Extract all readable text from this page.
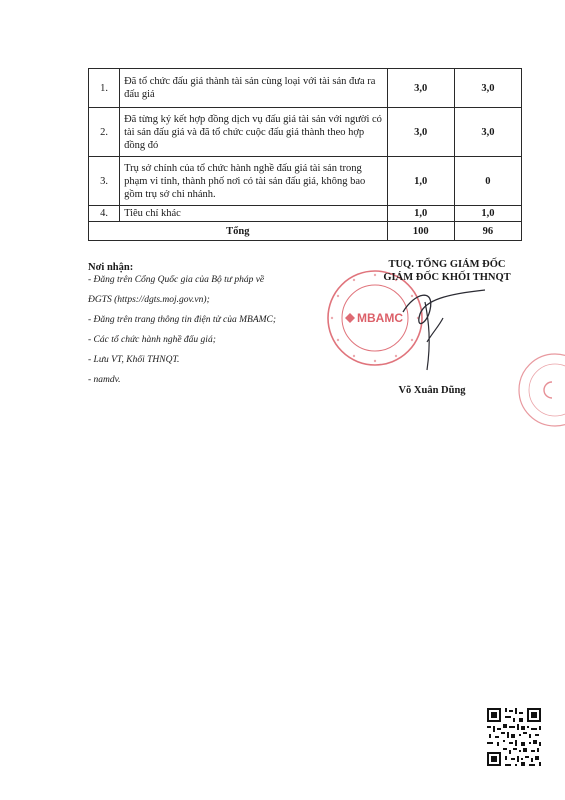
1.	Đã tổ chức đấu giá thành tài sản cùng loại với tài sản đưa ra đấu giá	3,0	3,0
2.	Đã từng ký kết hợp đồng dịch vụ đấu giá tài sản với người có tài sản đấu giá và đã tổ chức cuộc đấu giá thành theo hợp đồng đó	3,0	3,0
3.	Trụ sở chính của tổ chức hành nghề đấu giá tài sản trong phạm vi tỉnh, thành phố nơi có tài sản đấu giá, không bao gồm trụ sở chi nhánh.	1,0	0
4.	Tiêu chí khác	1,0	1,0
Tổng		100	96
Nơi nhận:
- Đăng trên Cổng Quốc gia của Bộ tư pháp về
ĐGTS (https://dgts.moj.gov.vn);
- Đăng trên trang thông tin điện tử của MBAMC;
- Các tổ chức hành nghề đấu giá;
- Lưu VT, Khối THNQT.
- namdv.
MBAMC
TUQ. TỔNG GIÁM ĐỐC
GIÁM ĐỐC KHỐI THNQT
Võ Xuân Dũng
